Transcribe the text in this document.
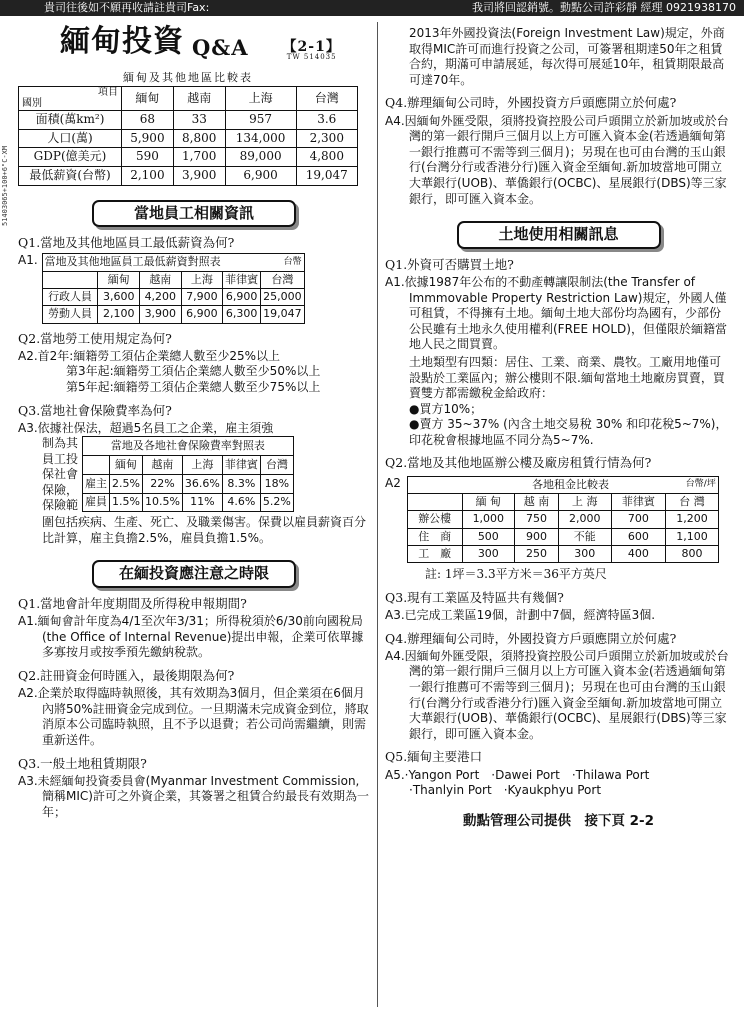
貴司往後如不願再收請註貴司Fax:	我司將回認銷號。動點公司許彩靜 經理 0921938170
51403065+100+6"C-XM
緬甸投資 Q&A 【2-1】
TW 514035
緬甸及其他地區比較表
項目
國別	緬甸	越南	上海	台灣
面積(萬km²)	68	33	957	3.6
人口(萬)	5,900	8,800	134,000	2,300
GDP(億美元)	590	1,700	89,000	4,800
最低薪資(台幣)	2,100	3,900	6,900	19,047
當地員工相關資訊
Q1.當地及其他地區員工最低薪資為何?
A1. 當地及其他地區員工最低薪資對照表				台幣	
	緬甸	越南	上海	菲律賓	台灣
行政人員	3,600	4,200	7,900	6,900	25,000
勞動人員	2,100	3,900	6,900	6,300	19,047
Q2.當地勞工使用規定為何?

A2.首2年:緬籍勞工須佔企業總人數至少25%以上

第3年起:緬籍勞工須佔企業總人數至少50%以上

第5年起:緬籍勞工須佔企業總人數至少75%以上

Q3.當地社會保險費率為何?

A3.依據社保法，超過5名員工之企業，雇主須強

制為其
員工投
保社會
保險，
保險範
當地及各地社會保險費率對照表					
	緬甸	越南	上海	菲律賓	台灣
雇主	2.5%	22%	36.6%	8.3%	18%
雇員	1.5%	10.5%	11%	4.6%	5.2%

圍包括疾病、生產、死亡、及職業傷害。保費以雇員薪資百分比計算，雇主負擔2.5%，雇員負擔1.5%。

在緬投資應注意之時限
Q1.當地會計年度期間及所得稅申報期間?
A1.緬甸會計年度為4/1至次年3/31；所得稅須於6/30前向國稅局(the Office of Internal Revenue)提出申報，企業可依單據多寡按月或按季預先繳納稅款。
Q2.註冊資金何時匯入，最後期限為何?
A2.企業於取得臨時執照後，其有效期為3個月，但企業須在6個月內將50%註冊資金完成到位。一旦期滿未完成資金到位，將取消原本公司臨時執照，且不予以退費；若公司尚需繼續，則需重新送件。
Q3.一般土地租賃期限?
A3.未經緬甸投資委員會(Myanmar Investment Commission, 簡稱MIC)許可之外資企業，其簽署之租賃合約最長有效期為一年；
2013年外國投資法(Foreign Investment Law)規定，外商取得MIC許可而進行投資之公司，可簽署租期達50年之租賃合約，期滿可申請展延，每次得可展延10年，租賃期限最高可達70年。
Q4.辦理緬甸公司時，外國投資方戶頭應開立於何處?
A4.因緬甸外匯受限，須將投資控股公司戶頭開立於新加坡或於台灣的第一銀行開戶三個月以上方可匯入資本金(若透過緬甸第一銀行推薦可不需等到三個月)；另現在也可由台灣的玉山銀行(台灣分行或香港分行)匯入資金至緬甸.新加坡當地可開立大華銀行(UOB)、華僑銀行(OCBC)、星展銀行(DBS)等三家銀行，即可匯入資本金。
土地使用相關訊息
Q1.外資可否購買土地?
A1.依據1987年公布的不動產轉讓限制法(the Transfer of Immmovable Property Restriction Law)規定，外國人僅可租賃，不得擁有土地。緬甸土地大部份均為國有，少部份公民雖有土地永久使用權利(FREE HOLD)，但僅限於緬籍當地人民之間買賣。
土地類型有四類：居住、工業、商業、農牧。工廠用地僅可設點於工業區內；辦公樓則不限.緬甸當地土地廠房買賣，買賣雙方都需繳稅金給政府：
●買方10%；
●賣方 35~37% (內含土地交易稅 30% 和印花稅5~7%)，印花稅會根據地區不同分為5~7%.
Q2.當地及其他地區辦公樓及廠房租賃行情為何?
A2	各地租金比較表				台幣/坪	
	緬 甸	越 南	上 海	菲律賓	台 灣
辦公樓	1,000	750	2,000	700	1,200
住　商	500	900	不能	600	1,100
工　廠	300	250	300	400	800
註: 1坪＝3.3平方米＝36平方英尺
Q3.現有工業區及特區共有幾個?
A3.已完成工業區19個，計劃中7個，經濟特區3個.
Q4.辦理緬甸公司時，外國投資方戶頭應開立於何處?
A4.因緬甸外匯受限，須將投資控股公司戶頭開立於新加坡或於台灣的第一銀行開戶三個月以上方可匯入資本金(若透過緬甸第一銀行推薦可不需等到三個月)；另現在也可由台灣的玉山銀行(台灣分行或香港分行)匯入資金至緬甸.新加坡當地可開立大華銀行(UOB)、華僑銀行(OCBC)、星展銀行(DBS)等三家銀行，即可匯入資本金。
Q5.緬甸主要港口
A5.·Yangon Port　·Dawei Port　·Thilawa Port
·Thanlyin Port　·Kyaukphyu Port
動點管理公司提供　接下頁 2-2
